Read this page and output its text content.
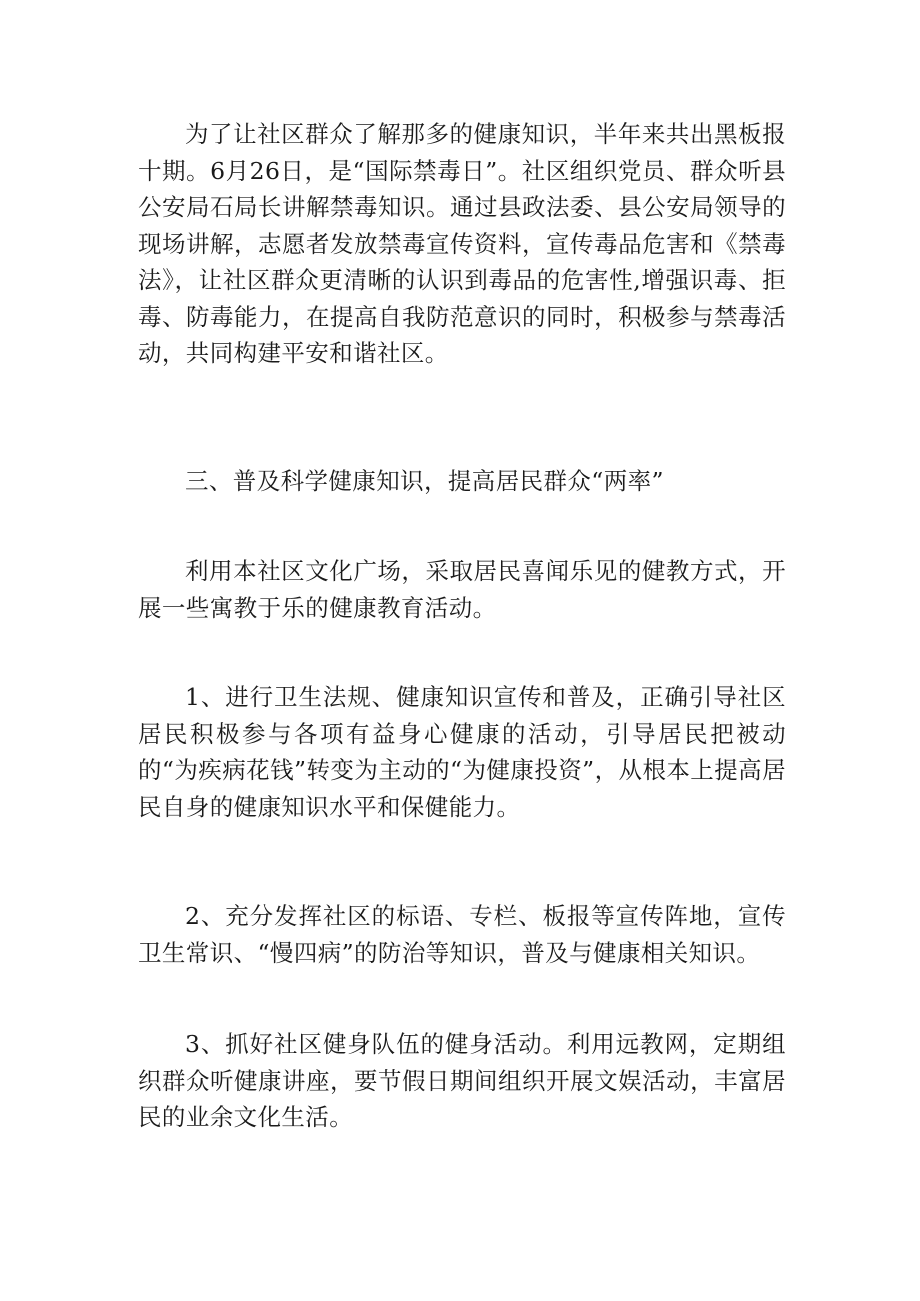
为了让社区群众了解那多的健康知识，半年来共出黑板报十期。6月26日，是“国际禁毒日”。社区组织党员、群众听县公安局石局长讲解禁毒知识。通过县政法委、县公安局领导的现场讲解，志愿者发放禁毒宣传资料，宣传毒品危害和《禁毒法》，让社区群众更清晰的认识到毒品的危害性,增强识毒、拒毒、防毒能力，在提高自我防范意识的同时，积极参与禁毒活动，共同构建平安和谐社区。

三、普及科学健康知识，提高居民群众“两率”

利用本社区文化广场，采取居民喜闻乐见的健教方式，开展一些寓教于乐的健康教育活动。

1、进行卫生法规、健康知识宣传和普及，正确引导社区居民积极参与各项有益身心健康的活动，引导居民把被动的“为疾病花钱”转变为主动的“为健康投资”，从根本上提高居民自身的健康知识水平和保健能力。

2、充分发挥社区的标语、专栏、板报等宣传阵地，宣传卫生常识、“慢四病”的防治等知识，普及与健康相关知识。

3、抓好社区健身队伍的健身活动。利用远教网，定期组织群众听健康讲座，要节假日期间组织开展文娱活动，丰富居民的业余文化生活。
